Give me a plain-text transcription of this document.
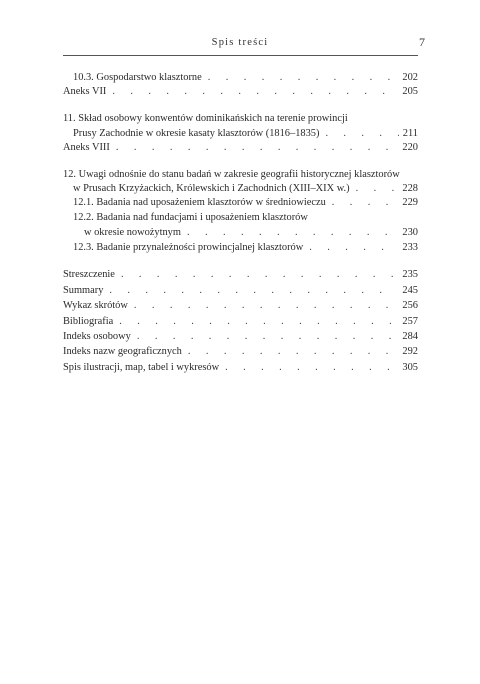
Spis treści	7
10.3. Gospodarstwo klasztorne . . .	202
Aneks VII . . .	205
11. Skład osobowy konwentów dominikańskich na terenie prowincji
Prusy Zachodnie w okresie kasaty klasztorów (1816–1835) . . .	211
Aneks VIII . . .	220
12. Uwagi odnośnie do stanu badań w zakresie geografii historycznej klasztorów
w Prusach Krzyżackich, Królewskich i Zachodnich (XIII–XIX w.) . . .	228
12.1. Badania nad uposażeniem klasztorów w średniowieczu . . .	229
12.2. Badania nad fundacjami i uposażeniem klasztorów
w okresie nowożytnym . . .	230
12.3. Badanie przynależności prowincjalnej klasztorów . . .	233
Streszczenie . . .	235
Summary . . .	245
Wykaz skrótów . . .	256
Bibliografia . . .	257
Indeks osobowy . . .	284
Indeks nazw geograficznych . . .	292
Spis ilustracji, map, tabel i wykresów . . .	305
